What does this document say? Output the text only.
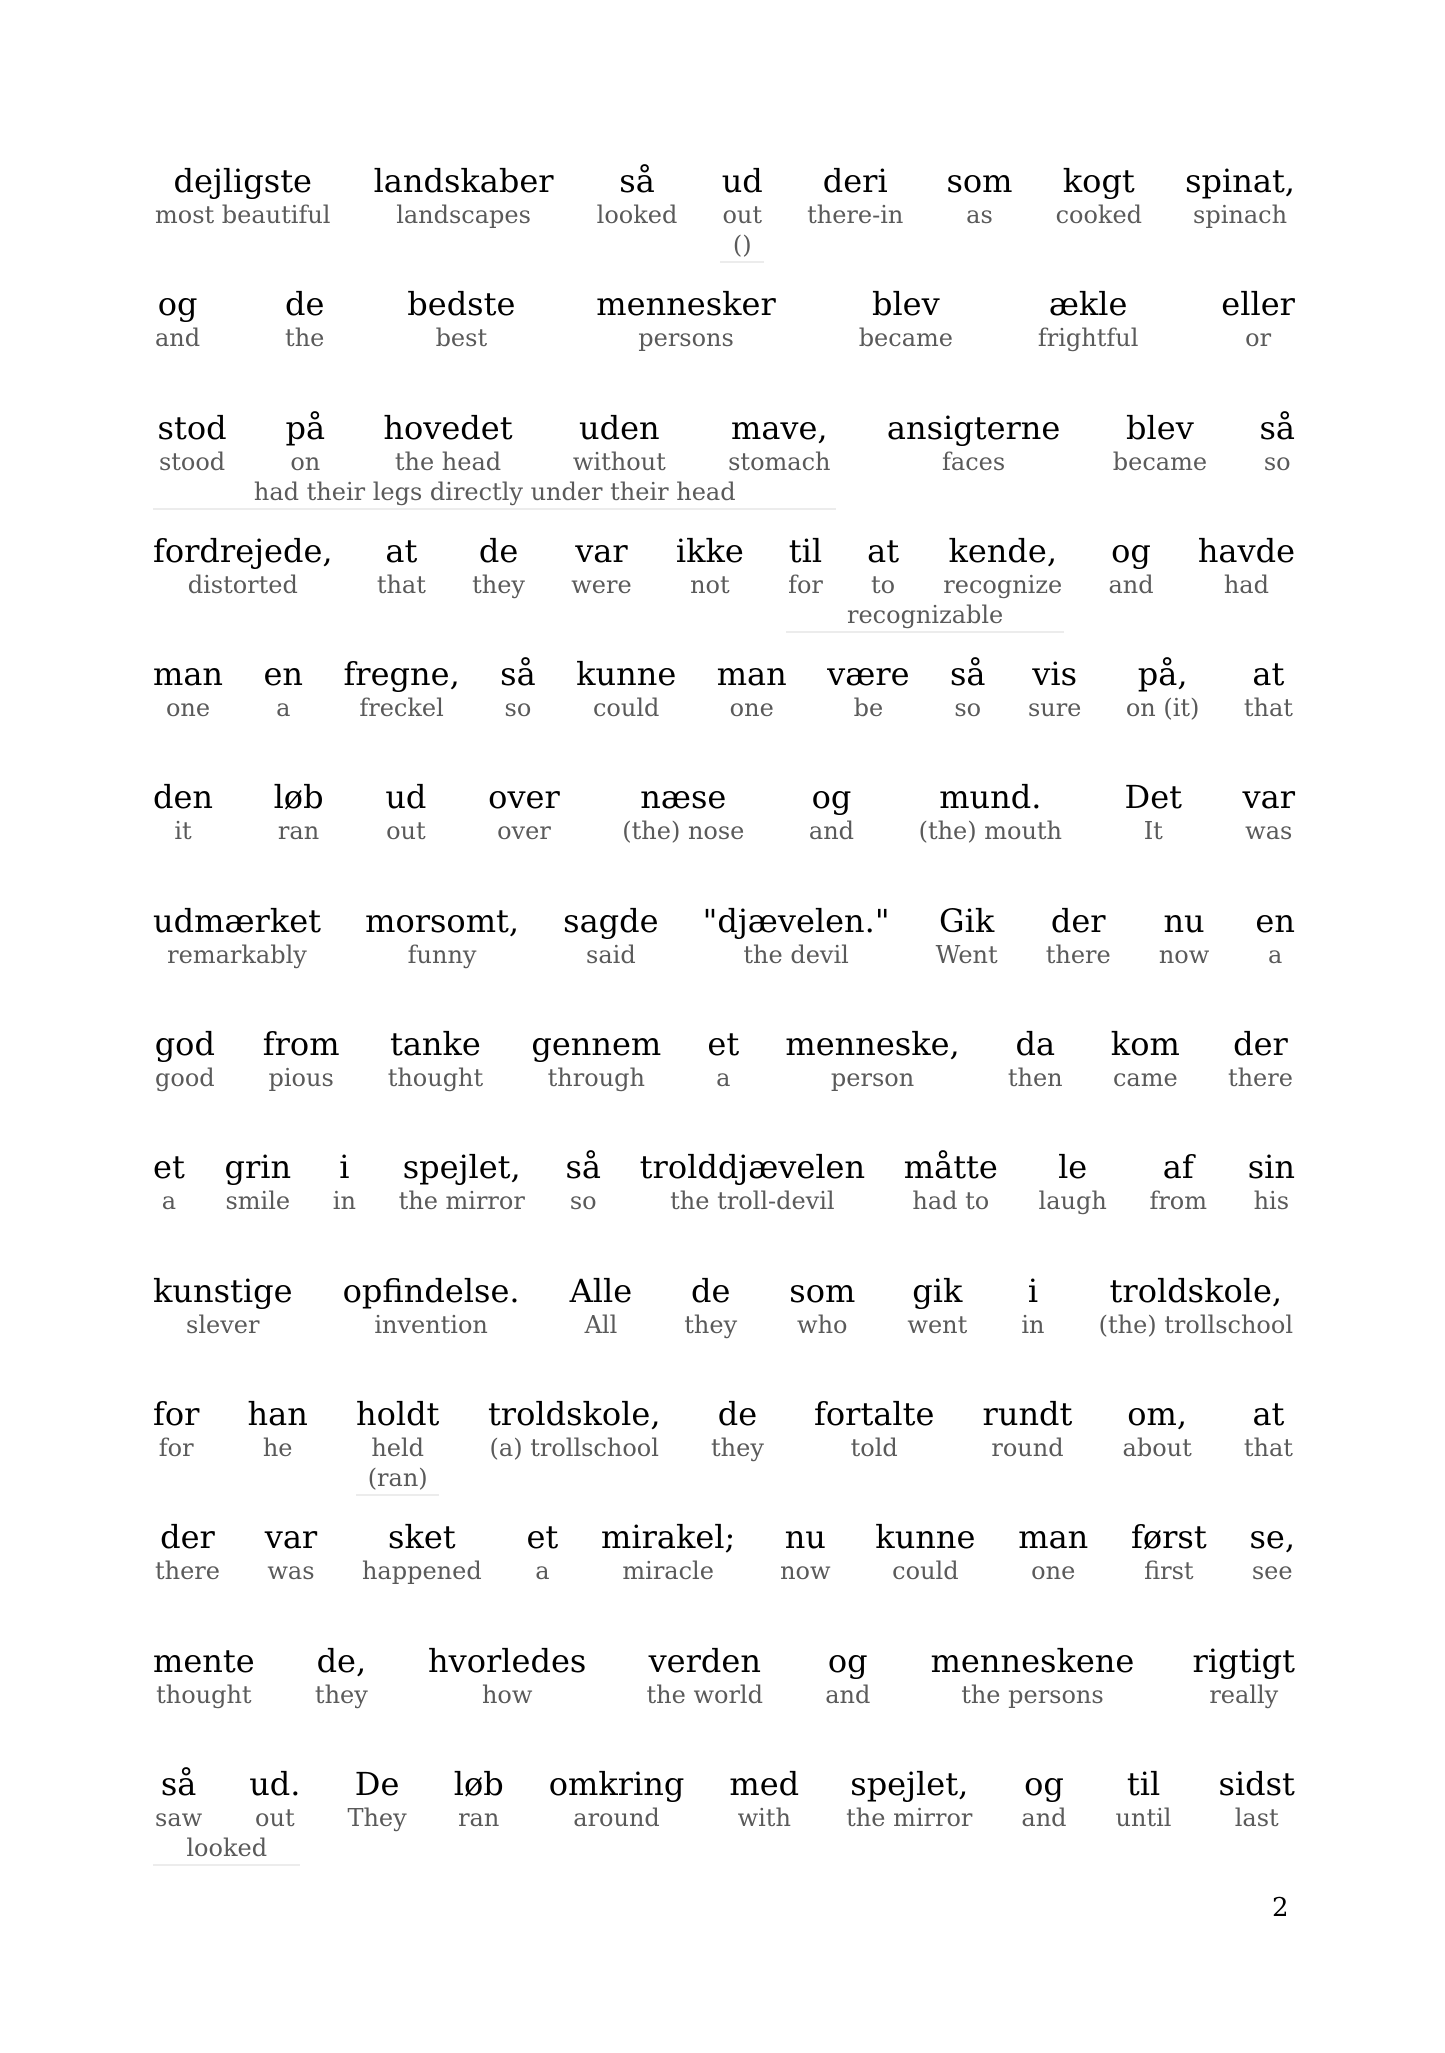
dejligste
most beautiful
landskaber
landscapes
så
looked
ud
out
deri
there-in
som
as
kogt
cooked
spinat,
spinach
()
og
and
de
the
bedste
best
mennesker
persons
blev
became
ækle
frightful
eller
or
stod
stood
på
on
hovedet
the head
uden
without
mave,
stomach
ansigterne
faces
blev
became
så
so
had their legs directly under their head
fordrejede,
distorted
at
that
de
they
var
were
ikke
not
til
for
at
to
kende,
recognize
og
and
havde
had
recognizable
man
one
en
a
fregne,
freckel
så
so
kunne
could
man
one
være
be
så
so
vis
sure
på,
on (it)
at
that
den
it
løb
ran
ud
out
over
over
næse
(the) nose
og
and
mund.
(the) mouth
Det
It
var
was
udmærket
remarkably
morsomt,
funny
sagde
said
"djævelen."
the devil
Gik
Went
der
there
nu
now
en
a
god
good
from
pious
tanke
thought
gennem
through
et
a
menneske,
person
da
then
kom
came
der
there
et
a
grin
smile
i
in
spejlet,
the mirror
så
so
trolddjævelen
the troll-devil
måtte
had to
le
laugh
af
from
sin
his
kunstige
slever
opfindelse.
invention
Alle
All
de
they
som
who
gik
went
i
in
troldskole,
(the) trollschool
for
for
han
he
holdt
held
troldskole,
(a) trollschool
de
they
fortalte
told
rundt
round
om,
about
at
that
(ran)
der
there
var
was
sket
happened
et
a
mirakel;
miracle
nu
now
kunne
could
man
one
først
first
se,
see
mente
thought
de,
they
hvorledes
how
verden
the world
og
and
menneskene
the persons
rigtigt
really
så
saw
ud.
out
De
They
løb
ran
omkring
around
med
with
spejlet,
the mirror
og
and
til
until
sidst
last
looked
2
